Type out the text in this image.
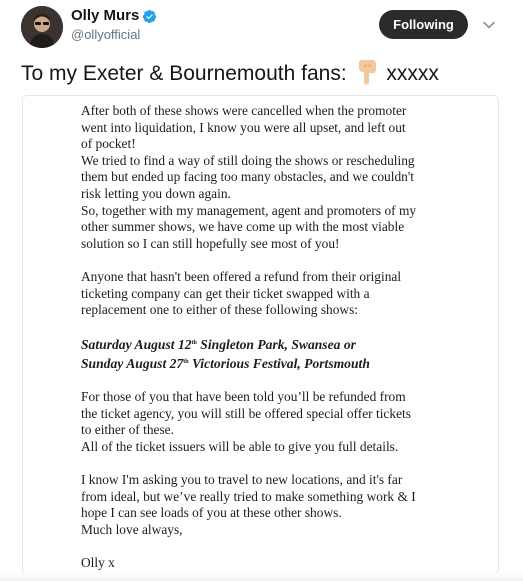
Olly Murs
@ollyofficial
Following
To my Exeter & Bournemouth fans: xxxxx

After both of these shows were cancelled when the promoter

went into liquidation, I know you were all upset, and left out

of pocket!

We tried to find a way of still doing the shows or rescheduling

them but ended up facing too many obstacles, and we couldn't

risk letting you down again.

So, together with my management, agent and promoters of my

other summer shows, we have come up with the most viable

solution so I can still hopefully see most of you!

Anyone that hasn't been offered a refund from their original

ticketing company can get their ticket swapped with a

replacement one to either of these following shows:

Saturday August 12th Singleton Park, Swansea or

Sunday August 27th Victorious Festival, Portsmouth

For those of you that have been told you’ll be refunded from

the ticket agency, you will still be offered special offer tickets

to either of these.

All of the ticket issuers will be able to give you full details.

I know I'm asking you to travel to new locations, and it's far

from ideal, but we’ve really tried to make something work & I

hope I can see loads of you at these other shows.

Much love always,

Olly x
